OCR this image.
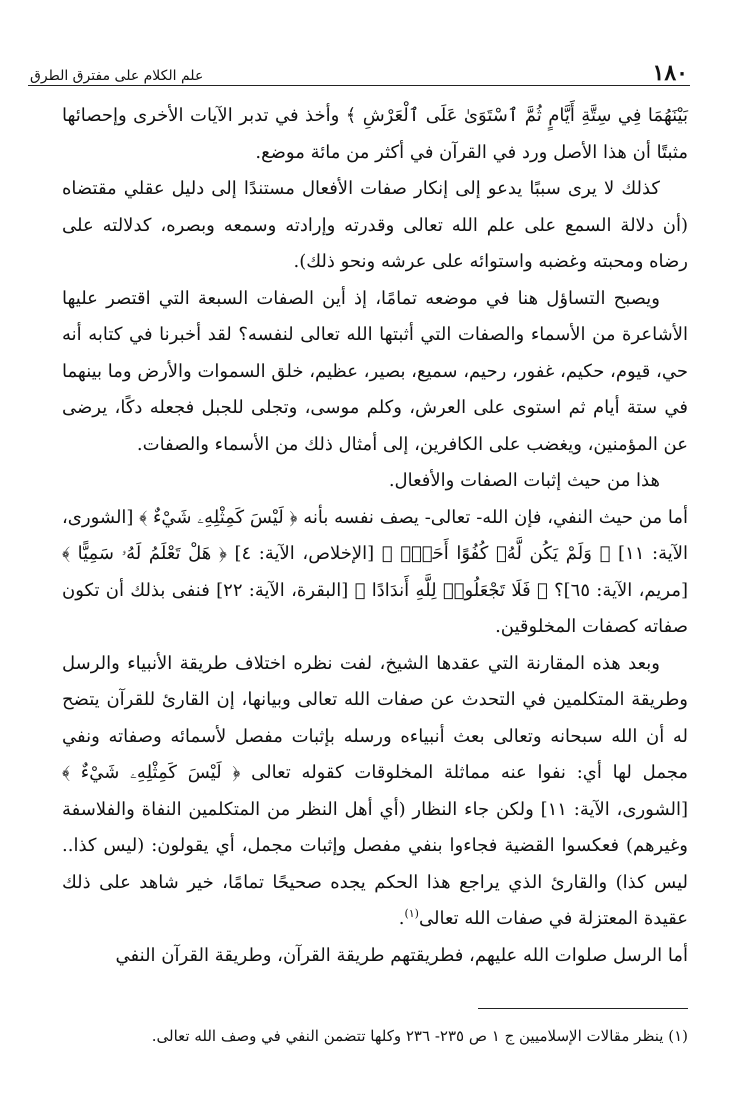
١٨٠
علم الكلام على مفترق الطرق

بَيْنَهُمَا فِي سِتَّةِ أَيَّامٍ ثُمَّ ٱسْتَوَىٰ عَلَى ٱلْعَرْشِ ﴾ وأخذ في تدبر الآيات الأخرى وإحصائها مثبتًا أن هذا الأصل ورد في القرآن في أكثر من مائة موضع.

كذلك لا يرى سببًا يدعو إلى إنكار صفات الأفعال مستندًا إلى دليل عقلي مقتضاه (أن دلالة السمع على علم الله تعالى وقدرته وإرادته وسمعه وبصره، كدلالته على رضاه ومحبته وغضبه واستوائه على عرشه ونحو ذلك).

ويصبح التساؤل هنا في موضعه تمامًا، إذ أين الصفات السبعة التي اقتصر عليها الأشاعرة من الأسماء والصفات التي أثبتها الله تعالى لنفسه؟ لقد أخبرنا في كتابه أنه حي، قيوم، حكيم، غفور، رحيم، سميع، بصير، عظيم، خلق السموات والأرض وما بينهما في ستة أيام ثم استوى على العرش، وكلم موسى، وتجلى للجبل فجعله دكًا، يرضى عن المؤمنين، ويغضب على الكافرين، إلى أمثال ذلك من الأسماء والصفات.

هذا من حيث إثبات الصفات والأفعال.

أما من حيث النفي، فإن الله- تعالى- يصف نفسه بأنه ﴿ لَيْسَ كَمِثْلِهِۦ شَيْءٌ ﴾ [الشورى، الآية: ١١] ﴿ وَلَمْ يَكُن لَّهُۥ كُفُوًا أَحَدٌۢ ﴾ [الإخلاص، الآية: ٤] ﴿ هَلْ تَعْلَمُ لَهُۥ سَمِيًّا ﴾ [مريم، الآية: ٦٥]؟ ﴿ فَلَا تَجْعَلُوا۟ لِلَّهِ أَندَادًا ﴾ [البقرة، الآية: ٢٢] فنفى بذلك أن تكون صفاته كصفات المخلوقين.

وبعد هذه المقارنة التي عقدها الشيخ، لفت نظره اختلاف طريقة الأنبياء والرسل وطريقة المتكلمين في التحدث عن صفات الله تعالى وبيانها، إن القارئ للقرآن يتضح له أن الله سبحانه وتعالى بعث أنبياءه ورسله بإثبات مفصل لأسمائه وصفاته ونفي مجمل لها أي: نفوا عنه مماثلة المخلوقات كقوله تعالى ﴿ لَيْسَ كَمِثْلِهِۦ شَيْءٌ ﴾ [الشورى، الآية: ١١] ولكن جاء النظار (أي أهل النظر من المتكلمين النفاة والفلاسفة وغيرهم) فعكسوا القضية فجاءوا بنفي مفصل وإثبات مجمل، أي يقولون: (ليس كذا.. ليس كذا) والقارئ الذي يراجع هذا الحكم يجده صحيحًا تمامًا، خير شاهد على ذلك عقيدة المعتزلة في صفات الله تعالى$^{(١)}$.

أما الرسل صلوات الله عليهم، فطريقتهم طريقة القرآن، وطريقة القرآن النفي

(١) ينظر مقالات الإسلاميين ج ١ ص ٢٣٥- ٢٣٦ وكلها تتضمن النفي في وصف الله تعالى.
